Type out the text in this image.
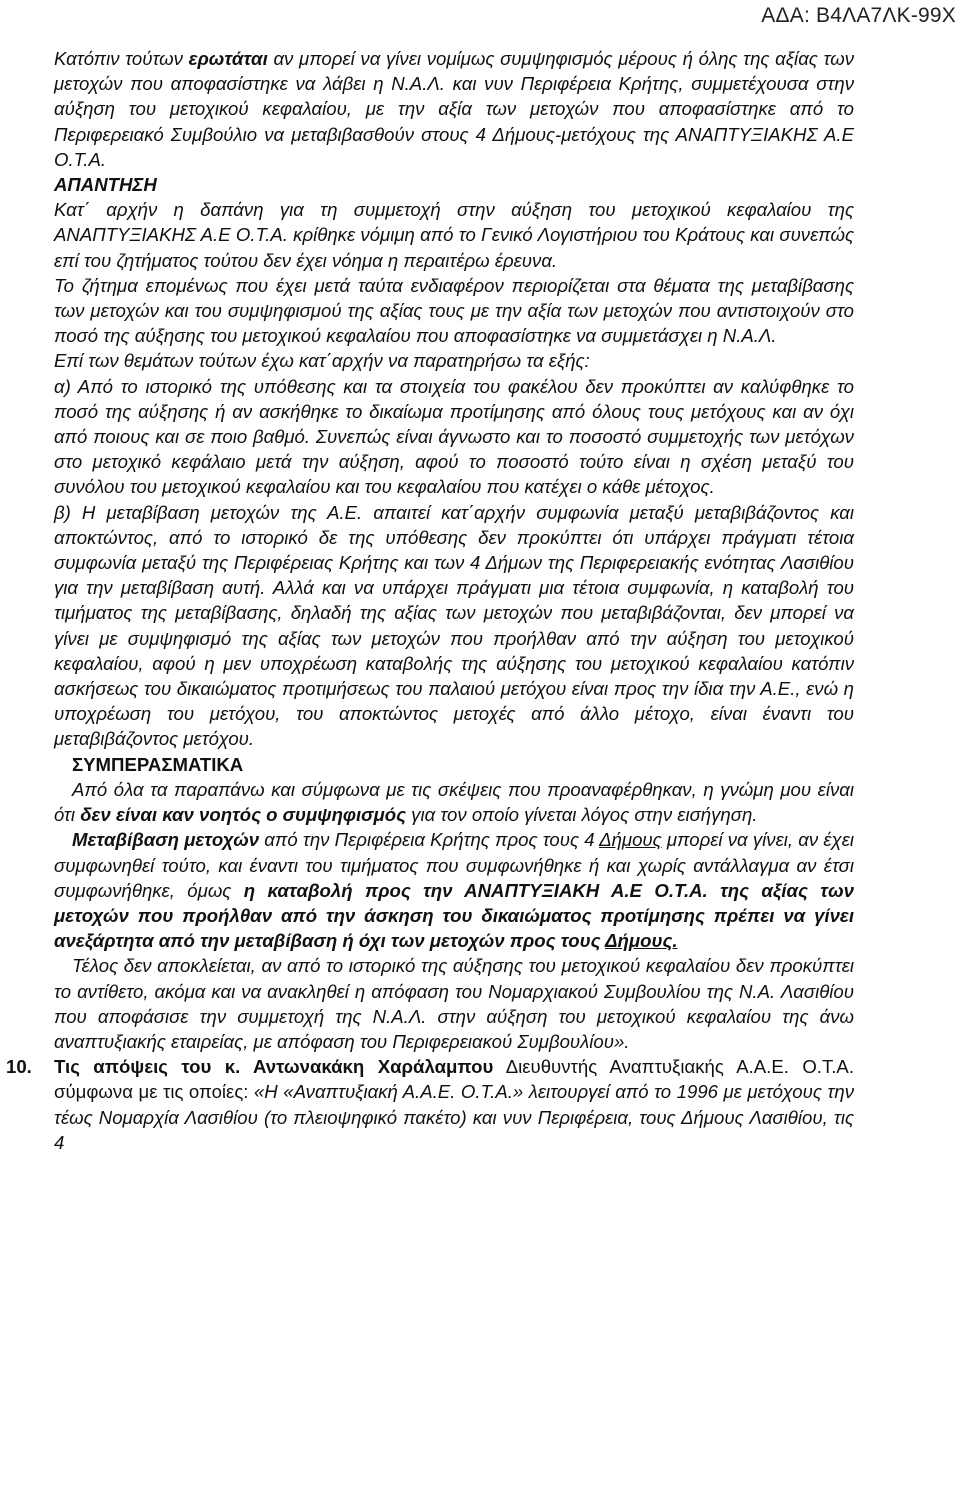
ΑΔΑ: Β4ΛΑ7ΛΚ-99Χ

Κατόπιν τούτων ερωτάται αν μπορεί να γίνει νομίμως συμψηφισμός μέρους ή όλης της αξίας των μετοχών που αποφασίστηκε να λάβει η Ν.Α.Λ. και νυν Περιφέρεια Κρήτης, συμμετέχουσα στην αύξηση του μετοχικού κεφαλαίου, με την αξία των μετοχών που αποφασίστηκε από το Περιφερειακό Συμβούλιο να μεταβιβασθούν στους 4 Δήμους-μετόχους της ΑΝΑΠΤΥΞΙΑΚΗΣ Α.Ε Ο.Τ.Α.

ΑΠΑΝΤΗΣΗ

Κατ΄ αρχήν η δαπάνη για τη συμμετοχή στην αύξηση του μετοχικού κεφαλαίου της ΑΝΑΠΤΥΞΙΑΚΗΣ Α.Ε Ο.Τ.Α. κρίθηκε νόμιμη από το Γενικό Λογιστήριου του Κράτους και συνεπώς επί του ζητήματος τούτου δεν έχει νόημα η περαιτέρω έρευνα.

Το ζήτημα επομένως που έχει μετά ταύτα ενδιαφέρον περιορίζεται στα θέματα της μεταβίβασης των μετοχών και του συμψηφισμού της αξίας τους με την αξία των μετοχών που αντιστοιχούν στο ποσό της αύξησης του μετοχικού κεφαλαίου που αποφασίστηκε να συμμετάσχει η Ν.Α.Λ.

Επί των θεμάτων τούτων έχω κατ΄αρχήν να παρατηρήσω τα εξής:

α) Από το ιστορικό της υπόθεσης και τα στοιχεία του φακέλου δεν προκύπτει αν καλύφθηκε το ποσό της αύξησης ή αν ασκήθηκε το δικαίωμα προτίμησης από όλους τους μετόχους και αν όχι από ποιους και σε ποιο βαθμό. Συνεπώς είναι άγνωστο και το ποσοστό συμμετοχής των μετόχων στο μετοχικό κεφάλαιο μετά την αύξηση, αφού το ποσοστό τούτο είναι η σχέση μεταξύ του συνόλου του μετοχικού κεφαλαίου και του κεφαλαίου που κατέχει ο κάθε μέτοχος.

β) Η μεταβίβαση μετοχών της Α.Ε. απαιτεί κατ΄αρχήν συμφωνία μεταξύ μεταβιβάζοντος και αποκτώντος, από το ιστορικό δε της υπόθεσης δεν προκύπτει ότι υπάρχει πράγματι τέτοια συμφωνία μεταξύ της Περιφέρειας Κρήτης και των 4 Δήμων της Περιφερειακής ενότητας Λασιθίου για την μεταβίβαση αυτή. Αλλά και να υπάρχει πράγματι μια τέτοια συμφωνία, η καταβολή του τιμήματος της μεταβίβασης, δηλαδή της αξίας των μετοχών που μεταβιβάζονται, δεν μπορεί να γίνει με συμψηφισμό της αξίας των μετοχών που προήλθαν από την αύξηση του μετοχικού κεφαλαίου, αφού η μεν υποχρέωση καταβολής της αύξησης του μετοχικού κεφαλαίου κατόπιν ασκήσεως του δικαιώματος προτιμήσεως του παλαιού μετόχου είναι προς την ίδια την Α.Ε., ενώ η υποχρέωση του μετόχου, του αποκτώντος μετοχές από άλλο μέτοχο, είναι έναντι του μεταβιβάζοντος μετόχου.

ΣΥΜΠΕΡΑΣΜΑΤΙΚΑ

Από όλα τα παραπάνω και σύμφωνα με τις σκέψεις που προαναφέρθηκαν, η γνώμη μου είναι ότι δεν είναι καν νοητός ο συμψηφισμός για τον οποίο γίνεται λόγος στην εισήγηση.

Μεταβίβαση μετοχών από την Περιφέρεια Κρήτης προς τους 4 Δήμους μπορεί να γίνει, αν έχει συμφωνηθεί τούτο, και έναντι του τιμήματος που συμφωνήθηκε ή και χωρίς αντάλλαγμα αν έτσι συμφωνήθηκε, όμως η καταβολή προς την ΑΝΑΠΤΥΞΙΑΚΗ Α.Ε Ο.Τ.Α. της αξίας των μετοχών που προήλθαν από την άσκηση του δικαιώματος προτίμησης πρέπει να γίνει ανεξάρτητα από την μεταβίβαση ή όχι των μετοχών προς τους Δήμους.

Τέλος δεν αποκλείεται, αν από το ιστορικό της αύξησης του μετοχικού κεφαλαίου δεν προκύπτει το αντίθετο, ακόμα και να ανακληθεί η απόφαση του Νομαρχιακού Συμβουλίου της Ν.Α. Λασιθίου που αποφάσισε την συμμετοχή της Ν.Α.Λ. στην αύξηση του μετοχικού κεφαλαίου της άνω αναπτυξιακής εταιρείας, με απόφαση του Περιφερειακού Συμβουλίου».

10. Τις απόψεις του κ. Αντωνακάκη Χαράλαμπου Διευθυντής Αναπτυξιακής Α.Α.Ε. Ο.Τ.Α. σύμφωνα με τις οποίες: «Η «Αναπτυξιακή Α.Α.Ε. Ο.Τ.Α.» λειτουργεί από το 1996 με μετόχους την τέως Νομαρχία Λασιθίου (το πλειοψηφικό πακέτο) και νυν Περιφέρεια, τους Δήμους Λασιθίου, τις 4
